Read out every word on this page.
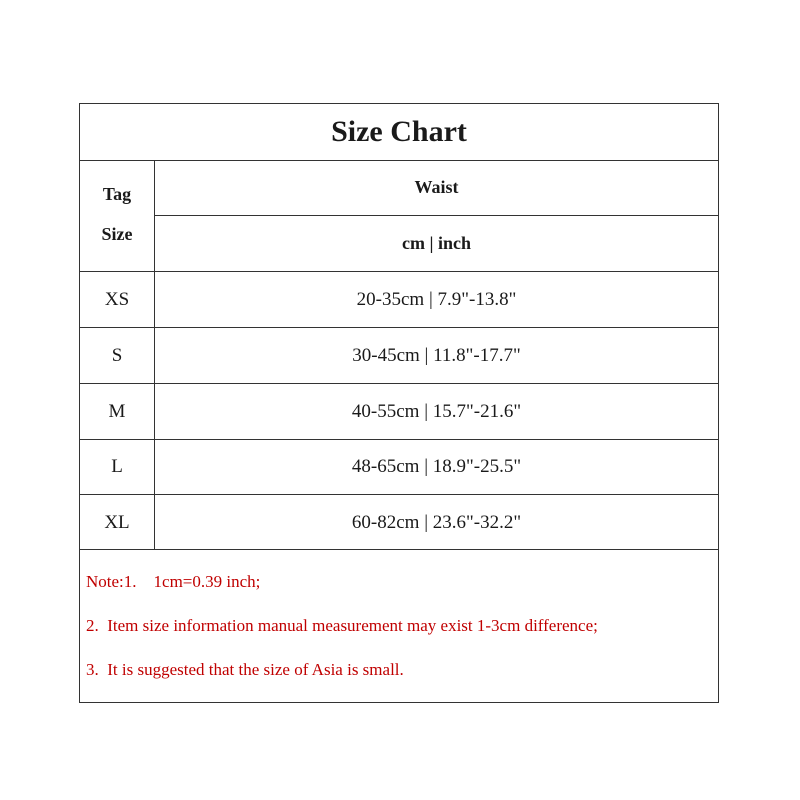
Size Chart
Tag
Size
Waist
cm | inch
XS	20-35cm | 7.9"-13.8"
S	30-45cm | 11.8"-17.7"
M	40-55cm | 15.7"-21.6"
L	48-65cm | 18.9"-25.5"
XL	60-82cm | 23.6"-32.2"
Note:1.    1cm=0.39 inch;
2.  Item size information manual measurement may exist 1-3cm difference;
3.  It is suggested that the size of Asia is small.
